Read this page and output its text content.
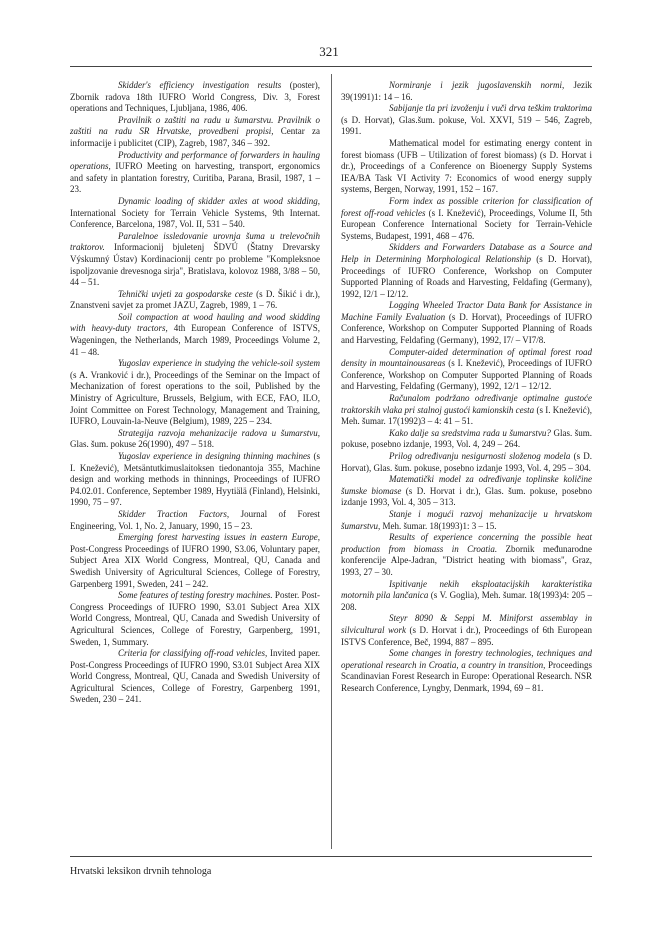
321

Skidder's efficiency investigation results (poster), Zbornik radova 18th IUFRO World Congress, Div. 3, Forest operations and Techniques, Ljubljana, 1986, 406.

Pravilnik o zaštiti na radu u šumarstvu. Pravilnik o zaštiti na radu SR Hrvatske, provedbeni propisi, Centar za informacije i publicitet (CIP), Zagreb, 1987, 346 – 392.

Productivity and performance of forwarders in hauling operations, IUFRO Meeting on harvesting, transport, ergonomics and safety in plantation forestry, Curitiba, Parana, Brasil, 1987, 1 – 23.

Dynamic loading of skidder axles at wood skidding, International Society for Terrain Vehicle Systems, 9th Internat. Conference, Barcelona, 1987, Vol. II, 531 – 540.

Paralelnoe issledovanie urovnja šuma u trelevočnih traktorov. Informacionij bjuletenj ŠDVÚ (Štatny Drevarsky Výskumný Ústav) Kordinacionij centr po probleme "Kompleksnoe ispoljzovanie drevesnoga sirja", Bratislava, kolovoz 1988, 3/88 – 50, 44 – 51.

Tehnički uvjeti za gospodarske ceste (s D. Šikić i dr.), Znanstveni savjet za promet JAZU, Zagreb, 1989, 1 – 76.

Soil compaction at wood hauling and wood skidding with heavy-duty tractors, 4th European Conference of ISTVS, Wageningen, the Netherlands, March 1989, Proceedings Volume 2, 41 – 48.

Yugoslav experience in studying the vehicle-soil system (s A. Vranković i dr.), Proceedings of the Seminar on the Impact of Mechanization of forest operations to the soil, Published by the Ministry of Agriculture, Brussels, Belgium, with ECE, FAO, ILO, Joint Committee on Forest Technology, Management and Training, IUFRO, Louvain-la-Neuve (Belgium), 1989, 225 – 234.

Strategija razvoja mehanizacije radova u šumarstvu, Glas. šum. pokuse 26(1990), 497 – 518.

Yugoslav experience in designing thinning machines (s I. Knežević), Metsäntutkimuslaitoksen tiedonantoja 355, Machine design and working methods in thinnings, Proceedings of IUFRO P4.02.01. Conference, September 1989, Hyytiälä (Finland), Helsinki, 1990, 75 – 97.

Skidder Traction Factors, Journal of Forest Engineering, Vol. 1, No. 2, January, 1990, 15 – 23.

Emerging forest harvesting issues in eastern Europe, Post-Congress Proceedings of IUFRO 1990, S3.06, Voluntary paper, Subject Area XIX World Congress, Montreal, QU, Canada and Swedish University of Agricultural Sciences, College of Forestry, Garpenberg 1991, Sweden, 241 – 242.

Some features of testing forestry machines. Poster. Post-Congress Proceedings of IUFRO 1990, S3.01 Subject Area XIX World Congress, Montreal, QU, Canada and Swedish University of Agricultural Sciences, College of Forestry, Garpenberg, 1991, Sweden, 1, Summary.

Criteria for classifying off-road vehicles, Invited paper. Post-Congress Proceedings of IUFRO 1990, S3.01 Subject Area XIX World Congress, Montreal, QU, Canada and Swedish University of Agricultural Sciences, College of Forestry, Garpenberg 1991, Sweden, 230 – 241.

Normiranje i jezik jugoslavenskih normi, Jezik 39(1991)1: 14 – 16.

Sabijanje tla pri izvoženju i vuči drva teškim traktorima (s D. Horvat), Glas.šum. pokuse, Vol. XXVI, 519 – 546, Zagreb, 1991.

Mathematical model for estimating energy content in forest biomass (UFB – Utilization of forest biomass) (s D. Horvat i dr.), Proceedings of a Conference on Bioenergy Supply Systems IEA/BA Task VI Activity 7: Economics of wood energy supply systems, Bergen, Norway, 1991, 152 – 167.

Form index as possible criterion for classification of forest off-road vehicles (s I. Knežević), Proceedings, Volume II, 5th European Conference International Society for Terrain-Vehicle Systems, Budapest, 1991, 468 – 476.

Skidders and Forwarders Database as a Source and Help in Determining Morphological Relationship (s D. Horvat), Proceedings of IUFRO Conference, Workshop on Computer Supported Planning of Roads and Harvesting, Feldafing (Germany), 1992, I2/1 – I2/12.

Logging Wheeled Tractor Data Bank for Assistance in Machine Family Evaluation (s D. Horvat), Proceedings of IUFRO Conference, Workshop on Computer Supported Planning of Roads and Harvesting, Feldafing (Germany), 1992, I7/ – VI7/8.

Computer-aided determination of optimal forest road density in mountainousareas (s I. Knežević), Proceedings of IUFRO Conference, Workshop on Computer Supported Planning of Roads and Harvesting, Feldafing (Germany), 1992, 12/1 – 12/12.

Računalom podržano određivanje optimalne gustoće traktorskih vlaka pri stalnoj gustoći kamionskih cesta (s I. Knežević), Meh. šumar. 17(1992)3 – 4: 41 – 51.

Kako dalje sa sredstvima rada u šumarstvu? Glas. šum. pokuse, posebno izdanje, 1993, Vol. 4, 249 – 264.

Prilog određivanju nesigurnosti složenog modela (s D. Horvat), Glas. šum. pokuse, posebno izdanje 1993, Vol. 4, 295 – 304.

Matematički model za određivanje toplinske količine šumske biomase (s D. Horvat i dr.), Glas. šum. pokuse, posebno izdanje 1993, Vol. 4, 305 – 313.

Stanje i mogući razvoj mehanizacije u hrvatskom šumarstvu, Meh. šumar. 18(1993)1: 3 – 15.

Results of experience concerning the possible heat production from biomass in Croatia. Zbornik međunarodne konferencije Alpe-Jadran, "District heating with biomass", Graz, 1993, 27 – 30.

Ispitivanje nekih eksploatacijskih karakteristika motornih pila lančanica (s V. Goglia), Meh. šumar. 18(1993)4: 205 – 208.

Steyr 8090 & Seppi M. Miniforst assemblay in silvicultural work (s D. Horvat i dr.), Proceedings of 6th European ISTVS Conference, Beč, 1994, 887 – 895.

Some changes in forestry technologies, techniques and operational research in Croatia, a country in transition, Proceedings Scandinavian Forest Research in Europe: Operational Research. NSR Research Conference, Lyngby, Denmark, 1994, 69 – 81.

Hrvatski leksikon drvnih tehnologa
